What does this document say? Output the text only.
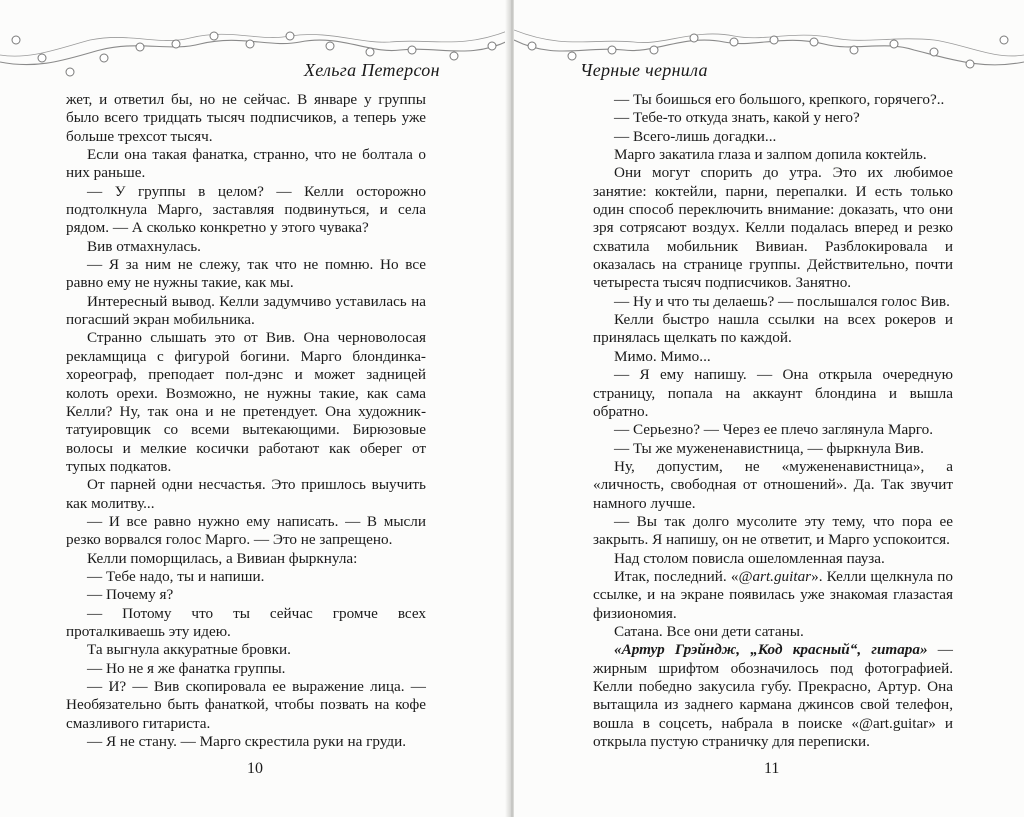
Хельга Петерсон

жет, и ответил бы, но не сейчас. В январе у группы было всего тридцать тысяч подписчиков, а теперь уже больше трехсот тысяч.

Если она такая фанатка, странно, что не болтала о них раньше.

— У группы в целом? — Келли осторожно подтолкнула Марго, заставляя подвинуться, и села рядом. — А сколько конкретно у этого чувака?

Вив отмахнулась.

— Я за ним не слежу, так что не помню. Но все равно ему не нужны такие, как мы.

Интересный вывод. Келли задумчиво уставилась на погасший экран мобильника.

Странно слышать это от Вив. Она черноволосая рекламщица с фигурой богини. Марго блондинка-хореограф, преподает пол-дэнс и может задницей колоть орехи. Возможно, не нужны такие, как сама Келли? Ну, так она и не претендует. Она художник-татуировщик со всеми вытекающими. Бирюзовые волосы и мелкие косички работают как оберег от тупых подкатов.

От парней одни несчастья. Это пришлось выучить как молитву...

— И все равно нужно ему написать. — В мысли резко ворвался голос Марго. — Это не запрещено.

Келли поморщилась, а Вивиан фыркнула:

— Тебе надо, ты и напиши.

— Почему я?

— Потому что ты сейчас громче всех проталкиваешь эту идею.

Та выгнула аккуратные бровки.

— Но не я же фанатка группы.

— И? — Вив скопировала ее выражение лица. — Необязательно быть фанаткой, чтобы позвать на кофе смазливого гитариста.

— Я не стану. — Марго скрестила руки на груди.

10
Черные чернила

— Ты боишься его большого, крепкого, горячего?..

— Тебе-то откуда знать, какой у него?

— Всего-лишь догадки...

Марго закатила глаза и залпом допила коктейль.

Они могут спорить до утра. Это их любимое занятие: коктейли, парни, перепалки. И есть только один способ переключить внимание: доказать, что они зря сотрясают воздух. Келли подалась вперед и резко схватила мобильник Вивиан. Разблокировала и оказалась на странице группы. Действительно, почти четыреста тысяч подписчиков. Занятно.

— Ну и что ты делаешь? — послышался голос Вив.

Келли быстро нашла ссылки на всех рокеров и принялась щелкать по каждой.

Мимо. Мимо...

— Я ему напишу. — Она открыла очередную страницу, попала на аккаунт блондина и вышла обратно.

— Серьезно? — Через ее плечо заглянула Марго.

— Ты же мужененавистница, — фыркнула Вив.

Ну, допустим, не «мужененавистница», а «личность, свободная от отношений». Да. Так звучит намного лучше.

— Вы так долго мусолите эту тему, что пора ее закрыть. Я напишу, он не ответит, и Марго успокоится.

Над столом повисла ошеломленная пауза.

Итак, последний. «@art.guitar». Келли щелкнула по ссылке, и на экране появилась уже знакомая глазастая физиономия.

Сатана. Все они дети сатаны.

«Артур Грэйндж, „Код красный“, гитара» — жирным шрифтом обозначилось под фотографией. Келли победно закусила губу. Прекрасно, Артур. Она вытащила из заднего кармана джинсов свой телефон, вошла в соцсеть, набрала в поиске «@art.guitar» и открыла пустую страничку для переписки.

11
